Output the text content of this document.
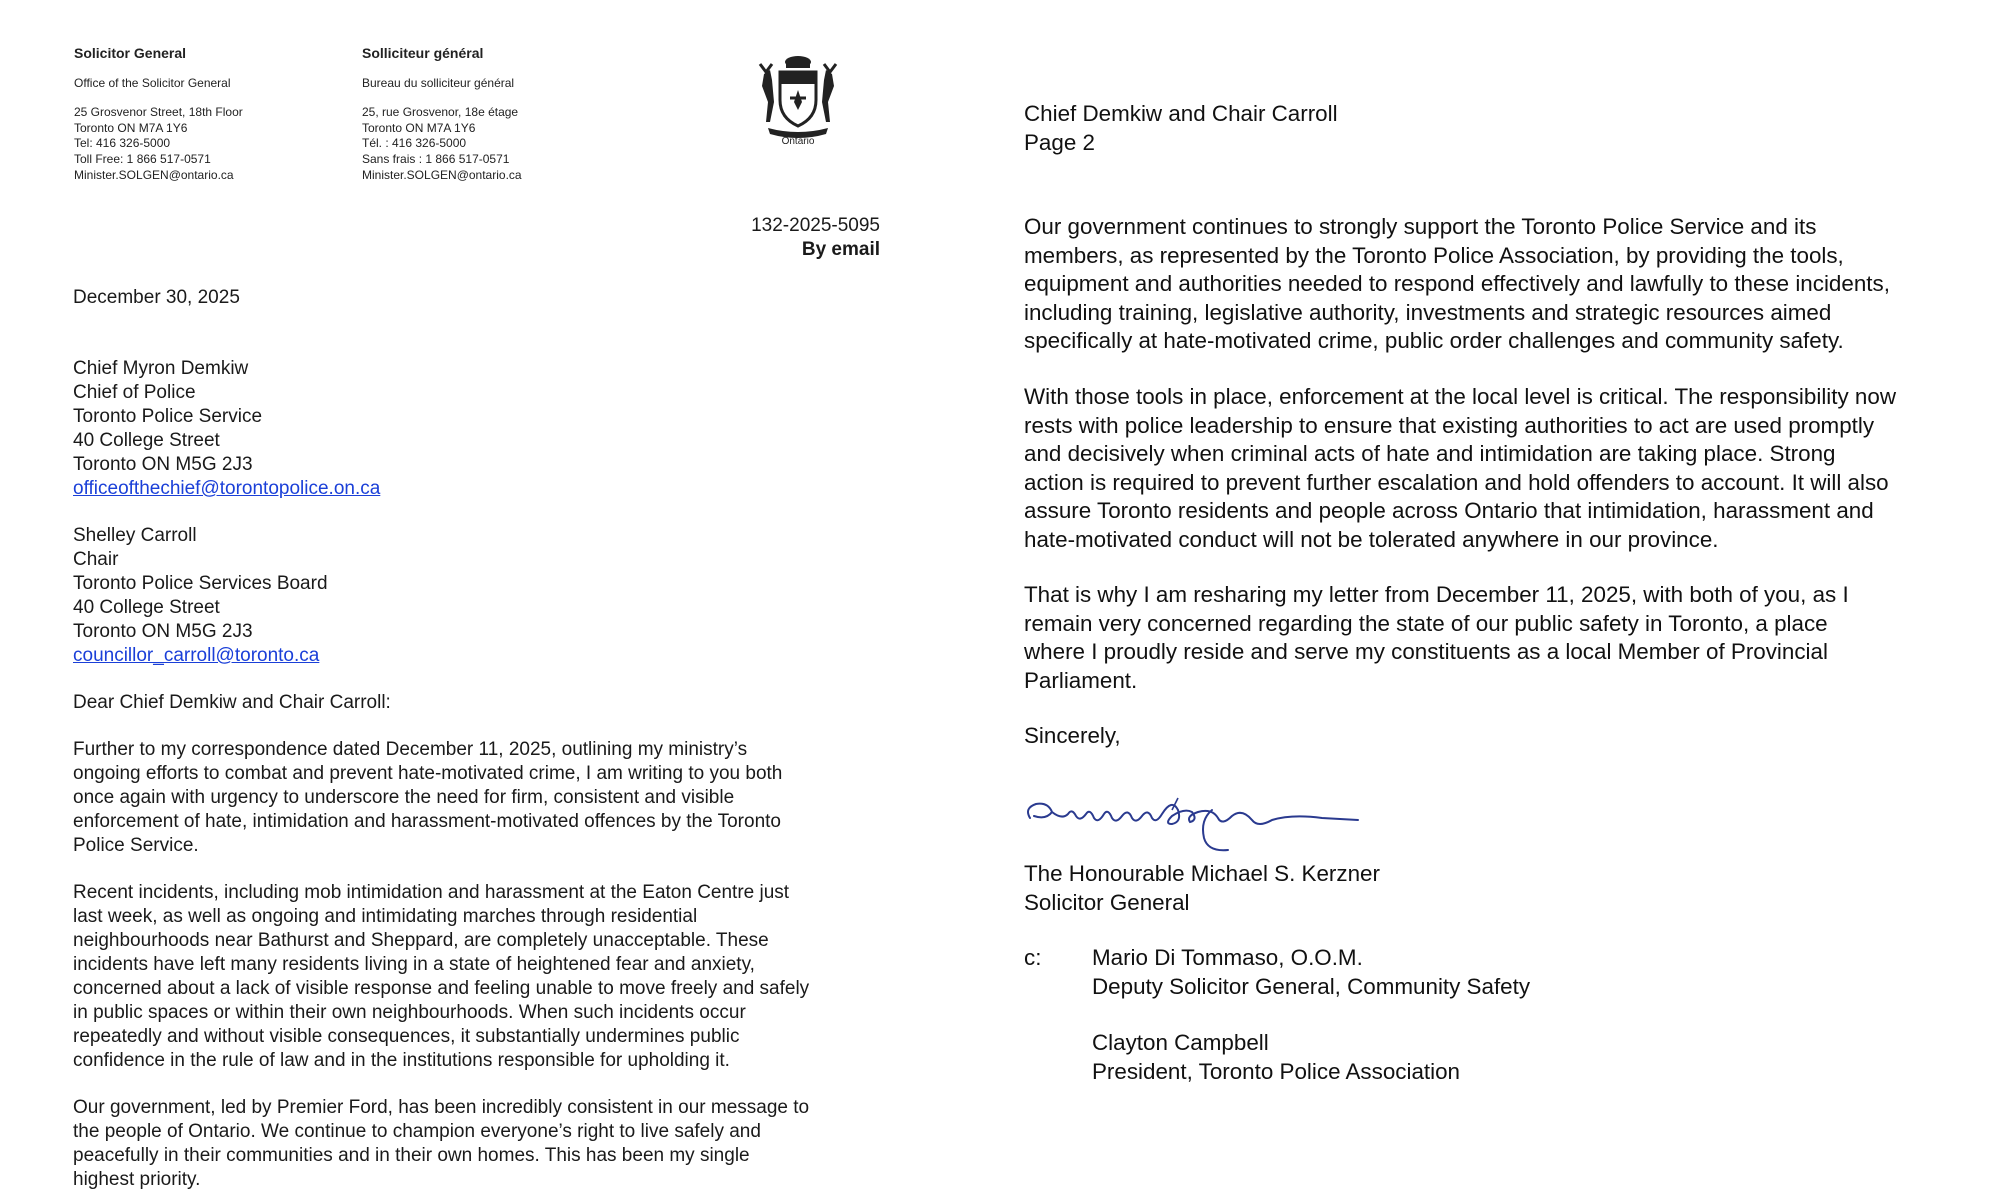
Solicitor General
Office of the Solicitor General
25 Grosvenor Street, 18th Floor
Toronto ON M7A 1Y6
Tel: 416 326-5000
Toll Free: 1 866 517-0571
Minister.SOLGEN@ontario.ca
Solliciteur général
Bureau du solliciteur général
25, rue Grosvenor, 18e étage
Toronto ON M7A 1Y6
Tél. : 416 326-5000
Sans frais : 1 866 517-0571
Minister.SOLGEN@ontario.ca
Ontario
132-2025-5095
By email
December 30, 2025
Chief Myron Demkiw
Chief of Police
Toronto Police Service
40 College Street
Toronto ON M5G 2J3
officeofthechief@torontopolice.on.ca
Shelley Carroll
Chair
Toronto Police Services Board
40 College Street
Toronto ON M5G 2J3
councillor_carroll@toronto.ca
Dear Chief Demkiw and Chair Carroll:
Further to my correspondence dated December 11, 2025, outlining my ministry’s
ongoing efforts to combat and prevent hate-motivated crime, I am writing to you both
once again with urgency to underscore the need for firm, consistent and visible
enforcement of hate, intimidation and harassment-motivated offences by the Toronto
Police Service.
Recent incidents, including mob intimidation and harassment at the Eaton Centre just
last week, as well as ongoing and intimidating marches through residential
neighbourhoods near Bathurst and Sheppard, are completely unacceptable. These
incidents have left many residents living in a state of heightened fear and anxiety,
concerned about a lack of visible response and feeling unable to move freely and safely
in public spaces or within their own neighbourhoods. When such incidents occur
repeatedly and without visible consequences, it substantially undermines public
confidence in the rule of law and in the institutions responsible for upholding it.
Our government, led by Premier Ford, has been incredibly consistent in our message to
the people of Ontario. We continue to champion everyone’s right to live safely and
peacefully in their communities and in their own homes. This has been my single
highest priority.
Chief Demkiw and Chair Carroll
Page 2
Our government continues to strongly support the Toronto Police Service and its
members, as represented by the Toronto Police Association, by providing the tools,
equipment and authorities needed to respond effectively and lawfully to these incidents,
including training, legislative authority, investments and strategic resources aimed
specifically at hate-motivated crime, public order challenges and community safety.
With those tools in place, enforcement at the local level is critical. The responsibility now
rests with police leadership to ensure that existing authorities to act are used promptly
and decisively when criminal acts of hate and intimidation are taking place. Strong
action is required to prevent further escalation and hold offenders to account. It will also
assure Toronto residents and people across Ontario that intimidation, harassment and
hate-motivated conduct will not be tolerated anywhere in our province.
That is why I am resharing my letter from December 11, 2025, with both of you, as I
remain very concerned regarding the state of our public safety in Toronto, a place
where I proudly reside and serve my constituents as a local Member of Provincial
Parliament.
Sincerely,
The Honourable Michael S. Kerzner
Solicitor General
c: Mario Di Tommaso, O.O.M.
Deputy Solicitor General, Community Safety
Clayton Campbell
President, Toronto Police Association
